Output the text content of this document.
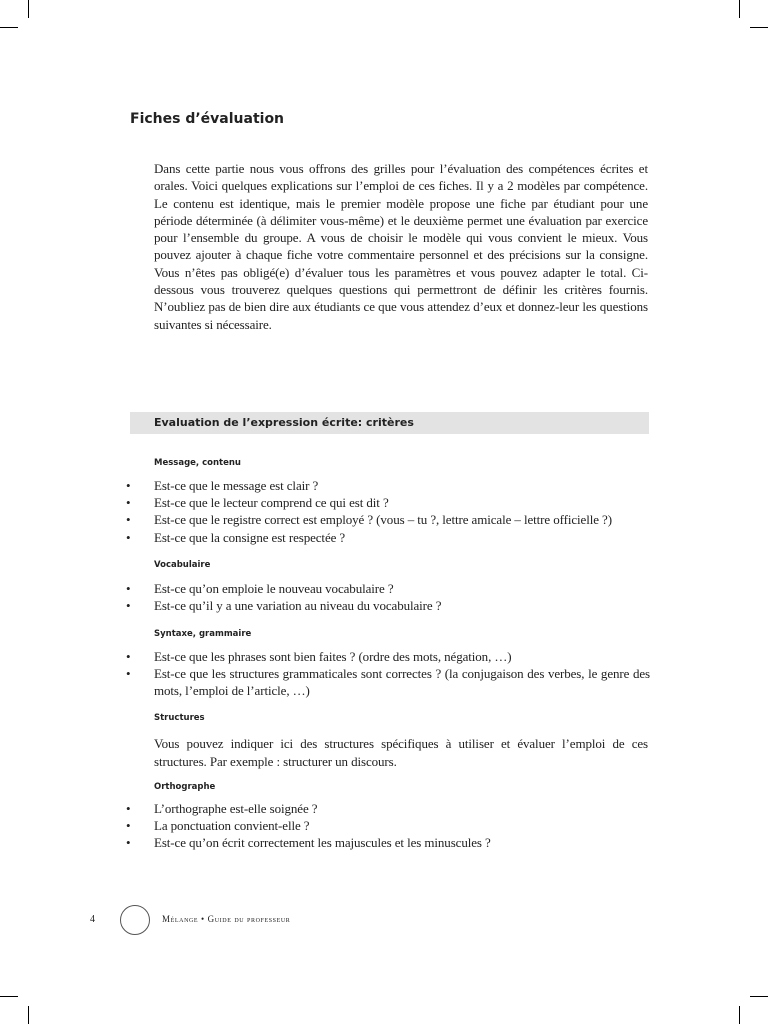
Fiches d’évaluation

Dans cette partie nous vous offrons des grilles pour l’évaluation des compétences écrites et orales. Voici quelques explications sur l’emploi de ces fiches. Il y a 2 modèles par compétence. Le contenu est identique, mais le premier modèle propose une fiche par étudiant pour une période déterminée (à délimiter vous-même) et le deuxième permet une évaluation par exercice pour l’ensemble du groupe. A vous de choisir le modèle qui vous convient le mieux. Vous pouvez ajouter à chaque fiche votre commentaire personnel et des précisions sur la consigne. Vous n’êtes pas obligé(e) d’évaluer tous les paramètres et vous pouvez adapter le total. Ci-dessous vous trouverez quelques questions qui permettront de définir les critères fournis. N’oubliez pas de bien dire aux étudiants ce que vous attendez d’eux et donnez-leur les questions suivantes si nécessaire.

Evaluation de l’expression écrite: critères
Message, contenu
• Est-ce que le message est clair ?
• Est-ce que le lecteur comprend ce qui est dit ?
• Est-ce que le registre correct est employé ? (vous – tu ?, lettre amicale – lettre officielle ?)
• Est-ce que la consigne est respectée ?
Vocabulaire
• Est-ce qu’on emploie le nouveau vocabulaire ?
• Est-ce qu’il y a une variation au niveau du vocabulaire ?
Syntaxe, grammaire
• Est-ce que les phrases sont bien faites ? (ordre des mots, négation, …)
• Est-ce que les structures grammaticales sont correctes ? (la conjugaison des verbes, le genre des mots, l’emploi de l’article, …)
Structures

Vous pouvez indiquer ici des structures spécifiques à utiliser et évaluer l’emploi de ces structures. Par exemple : structurer un discours.

Orthographe
• L’orthographe est-elle soignée ?
• La ponctuation convient-elle ?
• Est-ce qu’on écrit correctement les majuscules et les minuscules ?
4	Mélange • Guide du professeur
